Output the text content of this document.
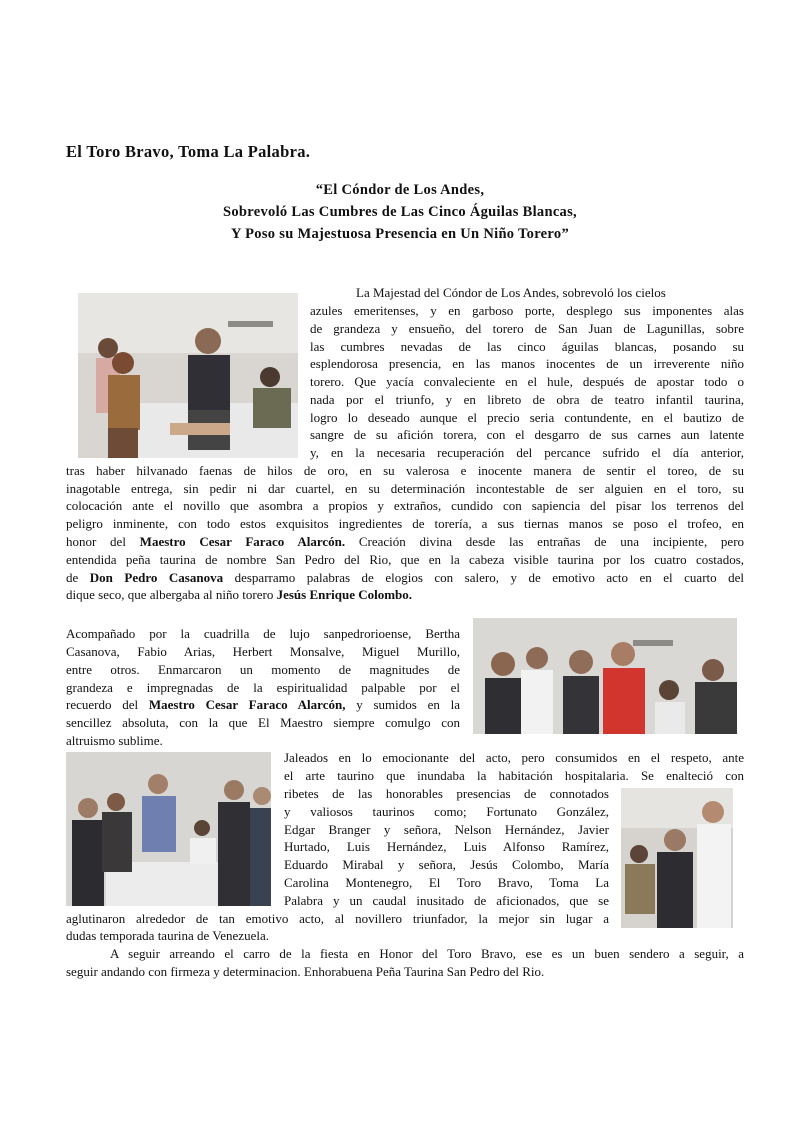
El Toro Bravo, Toma La Palabra.
“El Cóndor de Los Andes,
Sobrevoló Las Cumbres de Las Cinco Águilas Blancas,
Y Poso su Majestuosa Presencia en Un Niño Torero”
La Majestad del Cóndor de Los Andes, sobrevoló los cielos
azules emeritenses, y en garboso porte, desplego sus imponentes alas
de grandeza y ensueño, del torero de San Juan de Lagunillas, sobre
las cumbres nevadas de las cinco águilas blancas, posando su
esplendorosa presencia, en las manos inocentes de un irreverente niño
torero. Que yacía convaleciente en el hule, después de apostar todo o
nada por el triunfo, y en libreto de obra de teatro infantil taurina,
logro lo deseado aunque el precio seria contundente, en el bautizo de
sangre de su afición torera, con el desgarro de sus carnes aun latente
y, en la necesaria recuperación del percance sufrido el día anterior,
tras haber hilvanado faenas de hilos de oro, en su valerosa e inocente manera de sentir el toreo, de su
inagotable entrega, sin pedir ni dar cuartel, en su determinación incontestable de ser alguien en el toro, su
colocación ante el novillo que asombra a propios y extraños, cundido con sapiencia del pisar los terrenos del
peligro inminente, con todo estos exquisitos ingredientes de torería, a sus tiernas manos se poso el trofeo, en
honor del Maestro Cesar Faraco Alarcón. Creación divina desde las entrañas de una incipiente, pero
entendida peña taurina de nombre San Pedro del Rio, que en la cabeza visible taurina por los cuatro costados,
de Don Pedro Casanova desparramo palabras de elogios con salero, y de emotivo acto en el cuarto del
dique seco, que albergaba al niño torero Jesús Enrique Colombo.
Acompañado por la cuadrilla de lujo sanpedrorioense, Bertha
Casanova, Fabio Arias, Herbert Monsalve, Miguel Murillo,
entre otros. Enmarcaron un momento de magnitudes de
grandeza e impregnadas de la espiritualidad palpable por el
recuerdo del Maestro Cesar Faraco Alarcón, y sumidos en la
sencillez absoluta, con la que El Maestro siempre comulgo con
altruismo sublime.
Jaleados en lo emocionante del acto, pero consumidos en el respeto, ante
el arte taurino que inundaba la habitación hospitalaria. Se enalteció con
ribetes de las honorables presencias de connotados
y valiosos taurinos como; Fortunato González,
Edgar Branger y señora, Nelson Hernández, Javier
Hurtado, Luis Hernández, Luis Alfonso Ramírez,
Eduardo Mirabal y señora, Jesús Colombo, María
Carolina Montenegro, El Toro Bravo, Toma La
Palabra y un caudal inusitado de aficionados, que se
aglutinaron alrededor de tan emotivo acto, al novillero triunfador, la mejor sin lugar a
dudas temporada taurina de Venezuela.
A seguir arreando el carro de la fiesta en Honor del Toro Bravo, ese es un buen sendero a seguir, a
seguir andando con firmeza y determinacion. Enhorabuena Peña Taurina San Pedro del Rio.
